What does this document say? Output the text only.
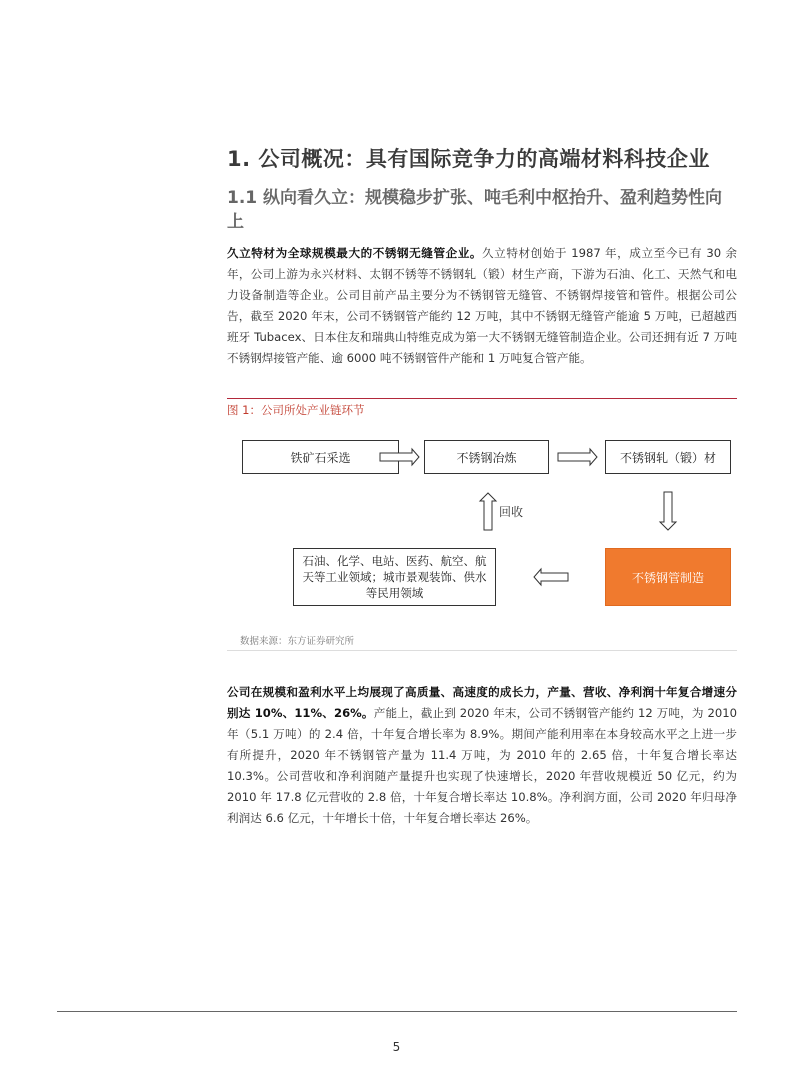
1. 公司概况：具有国际竞争力的高端材料科技企业
1.1 纵向看久立：规模稳步扩张、吨毛利中枢抬升、盈利趋势性向上

久立特材为全球规模最大的不锈钢无缝管企业。久立特材创始于 1987 年，成立至今已有 30 余年，公司上游为永兴材料、太钢不锈等不锈钢轧（锻）材生产商，下游为石油、化工、天然气和电力设备制造等企业。公司目前产品主要分为不锈钢管无缝管、不锈钢焊接管和管件。根据公司公告，截至 2020 年末，公司不锈钢管产能约 12 万吨，其中不锈钢无缝管产能逾 5 万吨，已超越西班牙 Tubacex、日本住友和瑞典山特维克成为第一大不锈钢无缝管制造企业。公司还拥有近 7 万吨不锈钢焊接管产能、逾 6000 吨不锈钢管件产能和 1 万吨复合管产能。

图 1：公司所处产业链环节
铁矿石采选	不锈钢冶炼	不锈钢轧（锻）材
不锈钢管制造
石油、化学、电站、医药、航空、航天等工业领域；城市景观装饰、供水等民用领域
回收
数据来源：东方证券研究所

公司在规模和盈利水平上均展现了高质量、高速度的成长力，产量、营收、净利润十年复合增速分别达 10%、11%、26%。产能上，截止到 2020 年末，公司不锈钢管产能约 12 万吨，为 2010 年（5.1 万吨）的 2.4 倍，十年复合增长率为 8.9%。期间产能利用率在本身较高水平之上进一步有所提升，2020 年不锈钢管产量为 11.4 万吨，为 2010 年的 2.65 倍，十年复合增长率达 10.3%。公司营收和净利润随产量提升也实现了快速增长，2020 年营收规模近 50 亿元，约为 2010 年 17.8 亿元营收的 2.8 倍，十年复合增长率达 10.8%。净利润方面，公司 2020 年归母净利润达 6.6 亿元，十年增长十倍，十年复合增长率达 26%。

5
